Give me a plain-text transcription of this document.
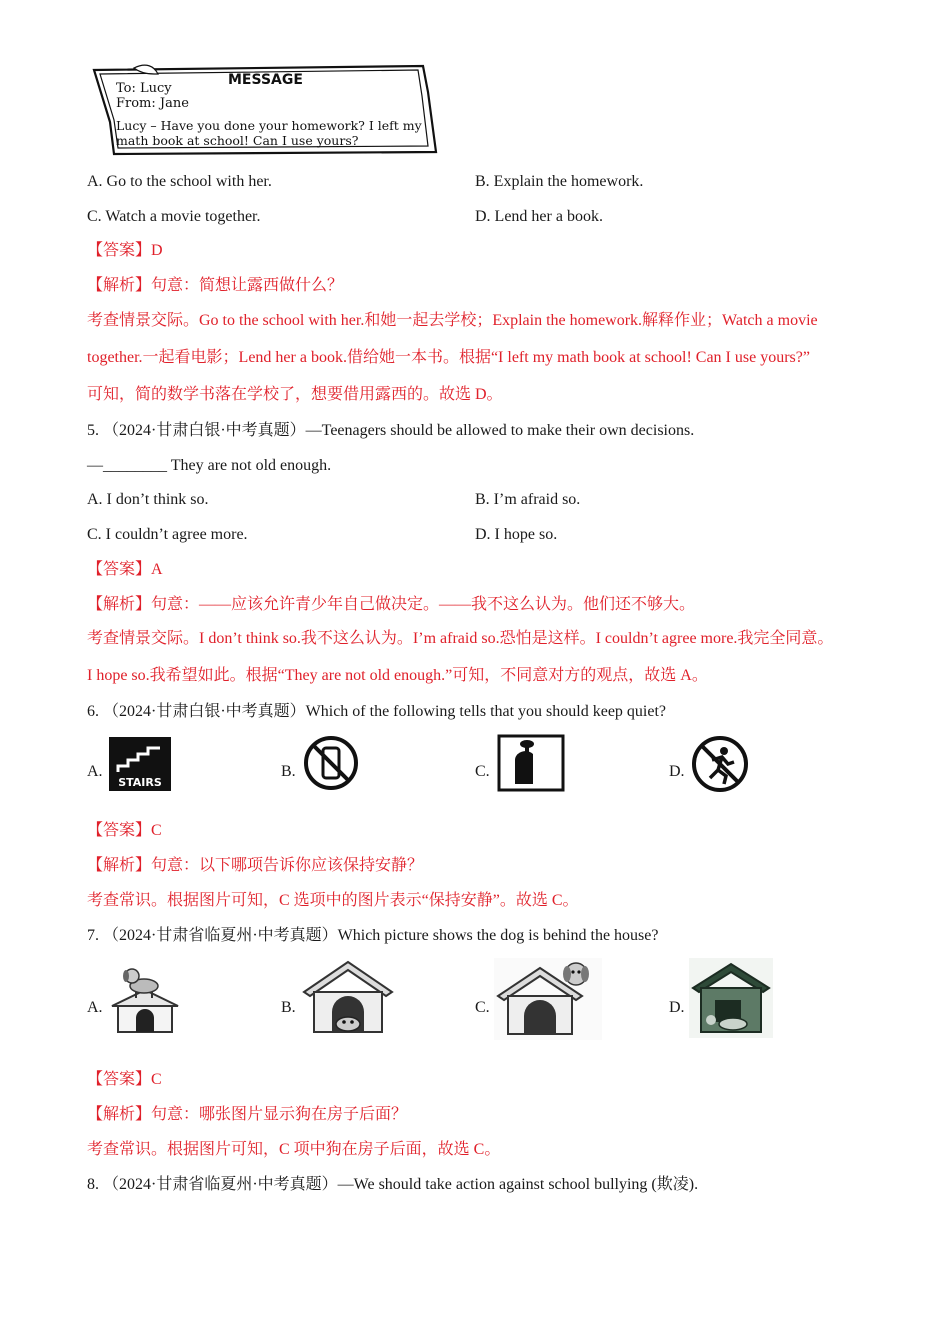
MESSAGE
To: Lucy
From: Jane
Lucy – Have you done your homework? I left my
math book at school! Can I use yours?
A. Go to the school with her.	B. Explain the homework.
C. Watch a movie together.	D. Lend her a book.
【答案】D
【解析】句意：简想让露西做什么？
考查情景交际。Go to the school with her.和她一起去学校；Explain the homework.解释作业；Watch a movie
together.一起看电影；Lend her a book.借给她一本书。根据“I left my math book at school! Can I use yours?”
可知，简的数学书落在学校了，想要借用露西的。故选 D。
5. （2024·甘肃白银·中考真题）—Teenagers should be allowed to make their own decisions.
—________ They are not old enough.
A. I don’t think so.	B. I’m afraid so.
C. I couldn’t agree more.	D. I hope so.
【答案】A
【解析】句意：——应该允许青少年自己做决定。——我不这么认为。他们还不够大。
考查情景交际。I don’t think so.我不这么认为。I’m afraid so.恐怕是这样。I couldn’t agree more.我完全同意。
I hope so.我希望如此。根据“They are not old enough.”可知，不同意对方的观点，故选 A。
6. （2024·甘肃白银·中考真题）Which of the following tells that you should keep quiet?
A.
STAIRS
B.	C.	D.
【答案】C
【解析】句意：以下哪项告诉你应该保持安静？
考查常识。根据图片可知，C 选项中的图片表示“保持安静”。故选 C。
7. （2024·甘肃省临夏州·中考真题）Which picture shows the dog is behind the house?
A.	B.	C.	D.
【答案】C
【解析】句意：哪张图片显示狗在房子后面？
考查常识。根据图片可知，C 项中狗在房子后面，故选 C。
8. （2024·甘肃省临夏州·中考真题）—We should take action against school bullying (欺凌).
